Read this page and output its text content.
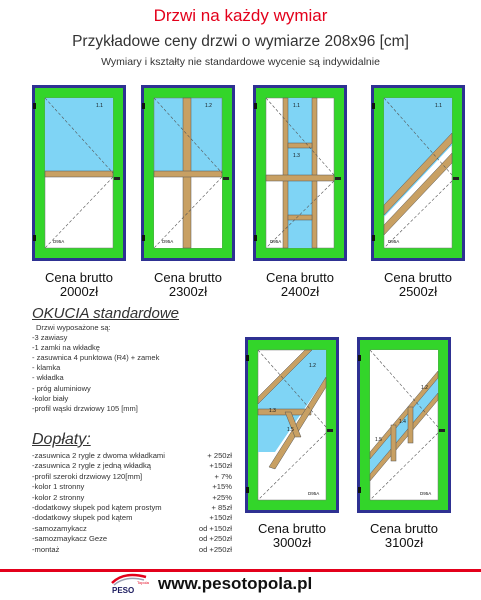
Drzwi na każdy wymiar
Przykładowe ceny drzwi o wymiarze 208x96 [cm]
Wymiary i kształty nie standardowe wycenie są indywidalnie
1.1
D95A
Cena brutto
2000zł
1.2
D95A
Cena brutto
2300zł
1.1
1.3
D95A
Cena brutto
2400zł
1.1
D95A
Cena brutto
2500zł
OKUCIA standardowe
Drzwi wyposażone są:
-3 zawiasy
-1 zamki na wkładkę
- zasuwnica 4 punktowa (R4) + zamek
- klamka
- wkładka
- próg aluminiowy
-kolor biały
-profil wąski drzwiowy 105 [mm]
Dopłaty:
-zasuwnica 2 rygle z dwoma wkładkami	+ 250zł
-zasuwnica 2 rygle z jedną wkładką	+150zł
-profil szeroki drzwiowy 120[mm]	+ 7%
-kolor 1 stronny	+15%
-kolor 2 stronny	+25%
-dodatkowy słupek pod kątem prostym	+ 85zł
-dodatkowy słupek pod kątem	+150zł
-samozamykacz	od +150zł
-samozmaykacz Geze	od +250zł
-montaż	od +250zł
1.2
1.3
1.5
D95A
Cena brutto
3000zł
1.2
1.4
1.5
D95A
Cena brutto
3100zł
PESO
Topola www.pesotopola.pl
